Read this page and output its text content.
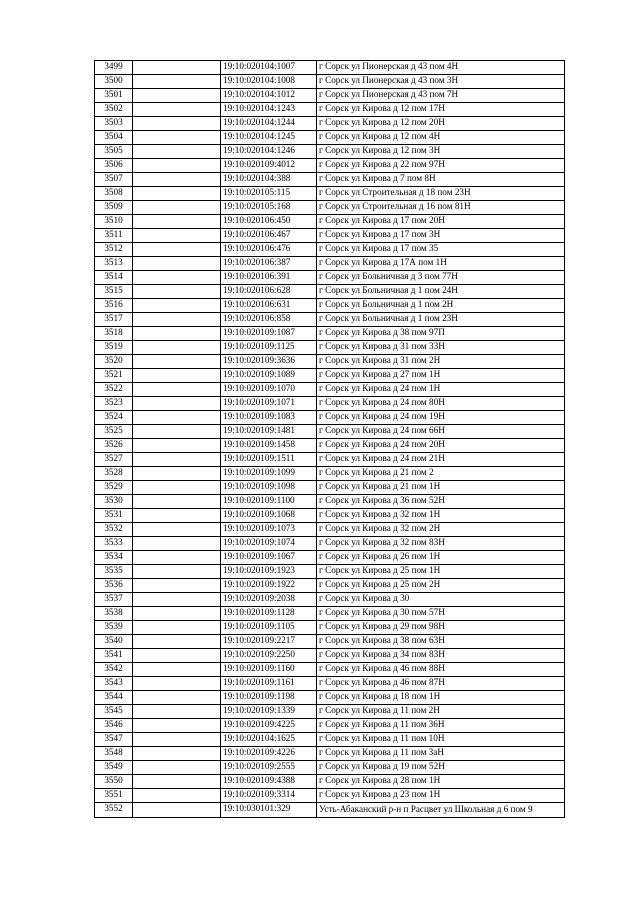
3499		19:10:020104:1007	г Сорск ул Пионерская д 43 пом 4Н
3500		19:10:020104:1008	г Сорск ул Пионерская д 43 пом 3Н
3501		19:10:020104:1012	г Сорск ул Пионерская д 43 пом 7Н
3502		19:10:020104:1243	г Сорск ул Кирова д 12 пом 17Н
3503		19:10:020104:1244	г Сорск ул Кирова д 12 пом 20Н
3504		19:10:020104:1245	г Сорск ул Кирова д 12 пом 4Н
3505		19:10:020104:1246	г Сорск ул Кирова д 12 пом 3Н
3506		19:10:020109:4012	г Сорск ул Кирова д 22 пом 97Н
3507		19:10:020104:388	г Сорск ул Кирова д 7 пом 8Н
3508		19:10:020105:115	г Сорск ул Строительная д 18 пом 23Н
3509		19:10:020105:168	г Сорск ул Строительная д 16 пом 81Н
3510		19:10:020106:450	г Сорск ул Кирова д 17 пом 20Н
3511		19:10:020106:467	г Сорск ул Кирова д 17 пом 3Н
3512		19:10:020106:476	г Сорск ул Кирова д 17 пом 35
3513		19:10:020106:387	г Сорск ул Кирова д 17А пом 1Н
3514		19:10:020106:391	г Сорск ул Больничная д 3 пом 77Н
3515		19:10:020106:628	г Сорск ул Больничная д 1 пом 24Н
3516		19:10:020106:631	г Сорск ул Больничная д 1 пом 2Н
3517		19:10:020106:858	г Сорск ул Больничная д 1 пом 23Н
3518		19:10:020109:1087	г Сорск ул Кирова д 38 пом 97П
3519		19:10:020109:1125	г Сорск ул Кирова д 31 пом 33Н
3520		19:10:020109:3636	г Сорск ул Кирова д 31 пом 2Н
3521		19:10:020109:1089	г Сорск ул Кирова д 27 пом 1Н
3522		19:10:020109:1070	г Сорск ул Кирова д 24 пом 1Н
3523		19:10:020109:1071	г Сорск ул Кирова д 24 пом 80Н
3524		19:10:020109:1083	г Сорск ул Кирова д 24 пом 19Н
3525		19:10:020109:1481	г Сорск ул Кирова д 24 пом 66Н
3526		19:10:020109:1458	г Сорск ул Кирова д 24 пом 20Н
3527		19:10:020109:1511	г Сорск ул Кирова д 24 пом 21Н
3528		19:10:020109:1099	г Сорск ул Кирова д 21 пом 2
3529		19:10:020109:1098	г Сорск ул Кирова д 21 пом 1Н
3530		19:10:020109:1100	г Сорск ул Кирова д 36 пом 52Н
3531		19:10:020109:1068	г Сорск ул Кирова д 32 пом 1Н
3532		19:10:020109:1073	г Сорск ул Кирова д 32 пом 2Н
3533		19:10:020109:1074	г Сорск ул Кирова д 32 пом 83Н
3534		19:10:020109:1067	г Сорск ул Кирова д 26 пом 1Н
3535		19:10:020109:1923	г Сорск ул Кирова д 25 пом 1Н
3536		19:10:020109:1922	г Сорск ул Кирова д 25 пом 2Н
3537		19:10:020109:2038	г Сорск ул Кирова д 30
3538		19:10:020109:1128	г Сорск ул Кирова д 30 пом 57Н
3539		19:10:020109:1105	г Сорск ул Кирова д 29 пом 98Н
3540		19:10:020109:2217	г Сорск ул Кирова д 38 пом 63Н
3541		19:10:020109:2250	г Сорск ул Кирова д 34 пом 83Н
3542		19:10:020109:1160	г Сорск ул Кирова д 46 пом 88Н
3543		19:10:020109:1161	г Сорск ул Кирова д 46 пом 87Н
3544		19:10:020109:1198	г Сорск ул Кирова д 18 пом 1Н
3545		19:10:020109:1339	г Сорск ул Кирова д 11 пом 2Н
3546		19:10:020109:4225	г Сорск ул Кирова д 11 пом 36Н
3547		19:10:020104:1625	г Сорск ул Кирова д 11 пом 10Н
3548		19:10:020109:4226	г Сорск ул Кирова д 11 пом 3аН
3549		19:10:020109:2555	г Сорск ул Кирова д 19 пом 52Н
3550		19:10:020109:4388	г Сорск ул Кирова д 28 пом 1Н
3551		19:10:020109:3314	г Сорск ул Кирова д 23 пом 1Н
3552		19:10:030101:329	Усть-Абаканский р-н п Расцвет ул Школьная д 6 пом 9
